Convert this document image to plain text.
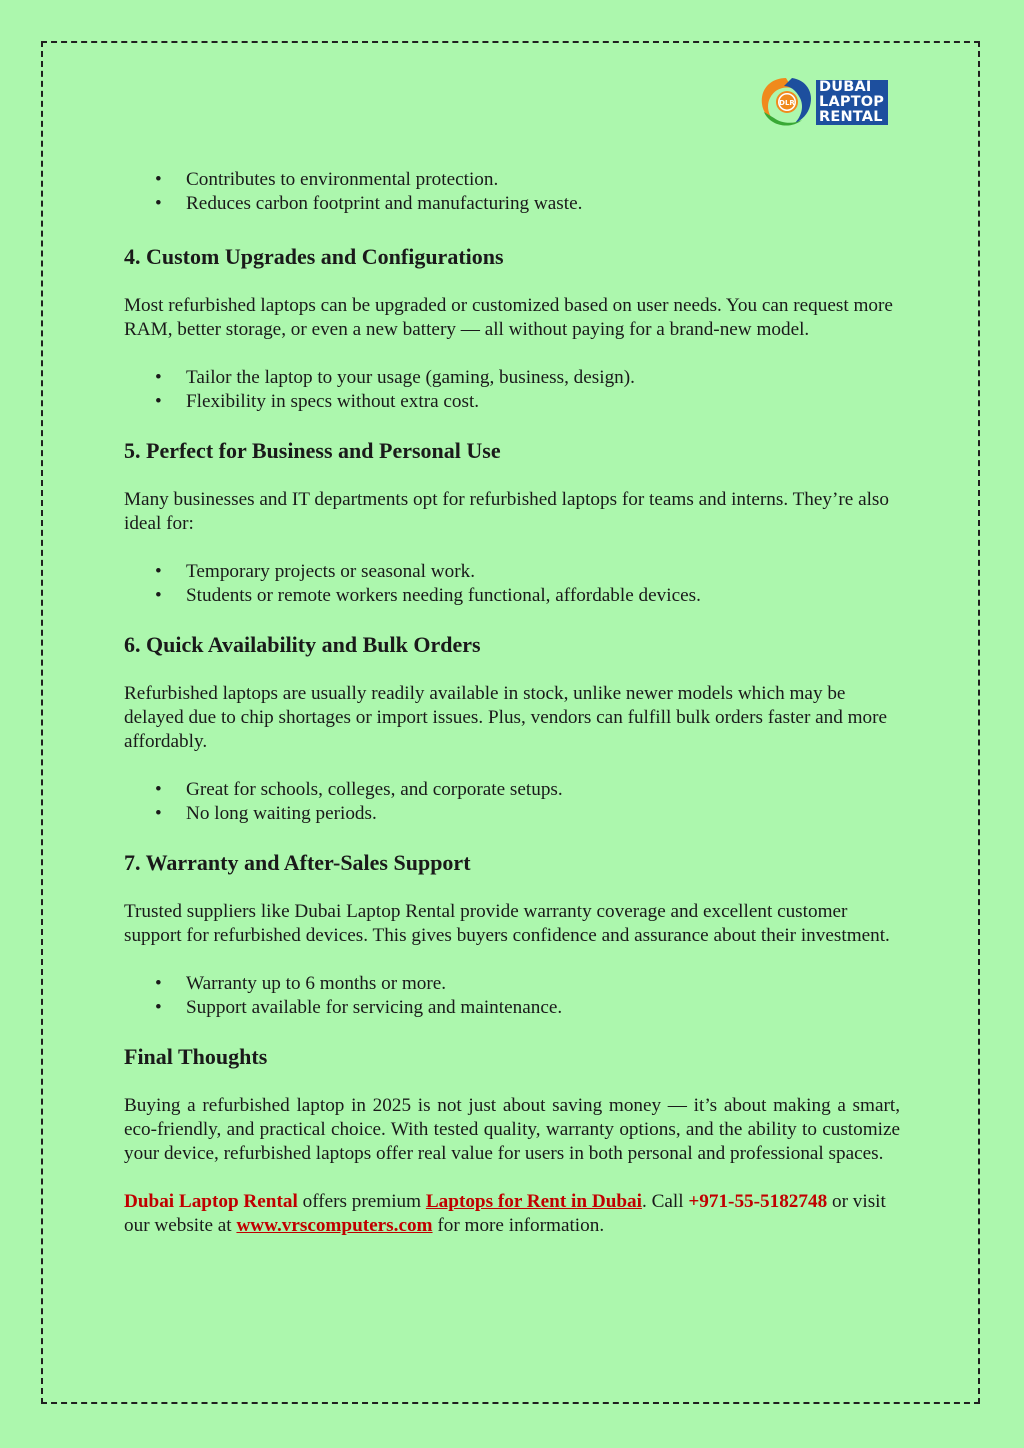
DLR
DUBAI
LAPTOP
RENTAL
• Contributes to environmental protection.
• Reduces carbon footprint and manufacturing waste.
4. Custom Upgrades and Configurations

Most refurbished laptops can be upgraded or customized based on user needs. You can request more RAM, better storage, or even a new battery — all without paying for a brand-new model.

• Tailor the laptop to your usage (gaming, business, design).
• Flexibility in specs without extra cost.
5. Perfect for Business and Personal Use

Many businesses and IT departments opt for refurbished laptops for teams and interns. They’re also ideal for:

• Temporary projects or seasonal work.
• Students or remote workers needing functional, affordable devices.
6. Quick Availability and Bulk Orders

Refurbished laptops are usually readily available in stock, unlike newer models which may be delayed due to chip shortages or import issues. Plus, vendors can fulfill bulk orders faster and more affordably.

• Great for schools, colleges, and corporate setups.
• No long waiting periods.
7. Warranty and After-Sales Support

Trusted suppliers like Dubai Laptop Rental provide warranty coverage and excellent customer support for refurbished devices. This gives buyers confidence and assurance about their investment.

• Warranty up to 6 months or more.
• Support available for servicing and maintenance.
Final Thoughts

Buying a refurbished laptop in 2025 is not just about saving money — it’s about making a smart, eco-friendly, and practical choice. With tested quality, warranty options, and the ability to customize your device, refurbished laptops offer real value for users in both personal and professional spaces.

Dubai Laptop Rental offers premium Laptops for Rent in Dubai. Call +971-55-5182748 or visit our website at www.vrscomputers.com for more information.
